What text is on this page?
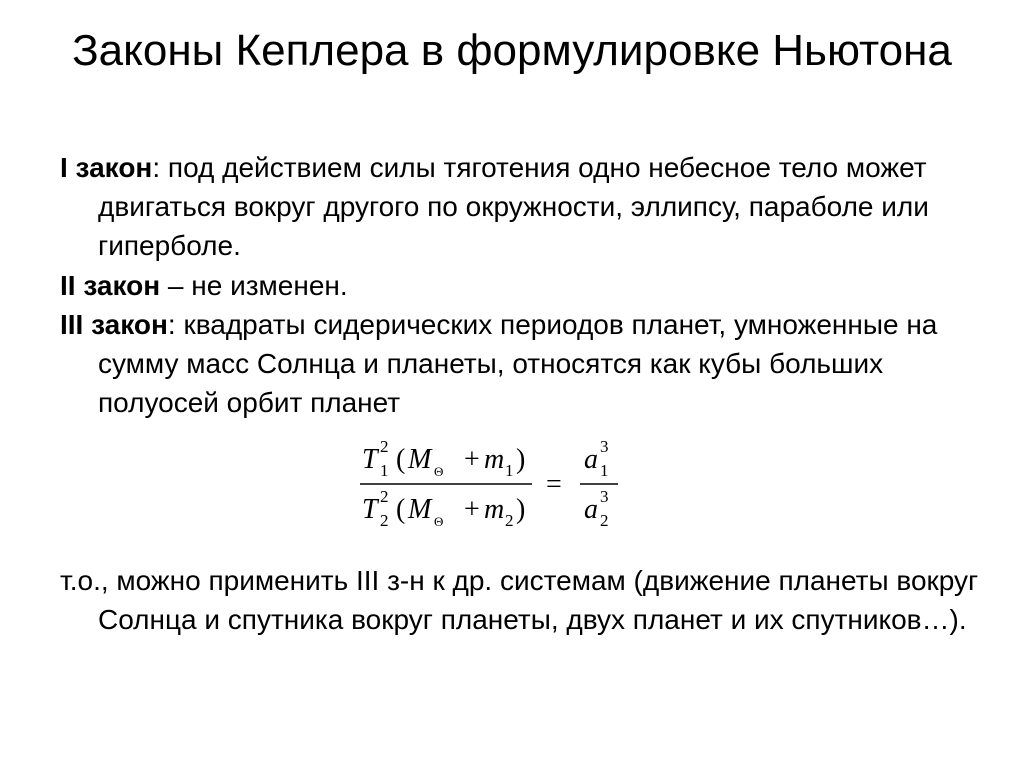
Законы Кеплера в формулировке Ньютона
I закон: под действием силы тяготения одно небесное тело может двигаться вокруг другого по окружности, эллипсу, параболе или гиперболе.
II закон – не изменен.
III закон: квадраты сидерических периодов планет, умноженные на сумму масс Солнца и планеты, относятся как кубы больших полуосей орбит планет
T 2
1 ( M Θ + m 1 )
T 2
2 ( M Θ + m 2 )
=
a 3
1
a 3
2
т.о., можно применить III з-н к др. системам (движение планеты вокруг Солнца и спутника вокруг планеты, двух планет и их спутников…).
